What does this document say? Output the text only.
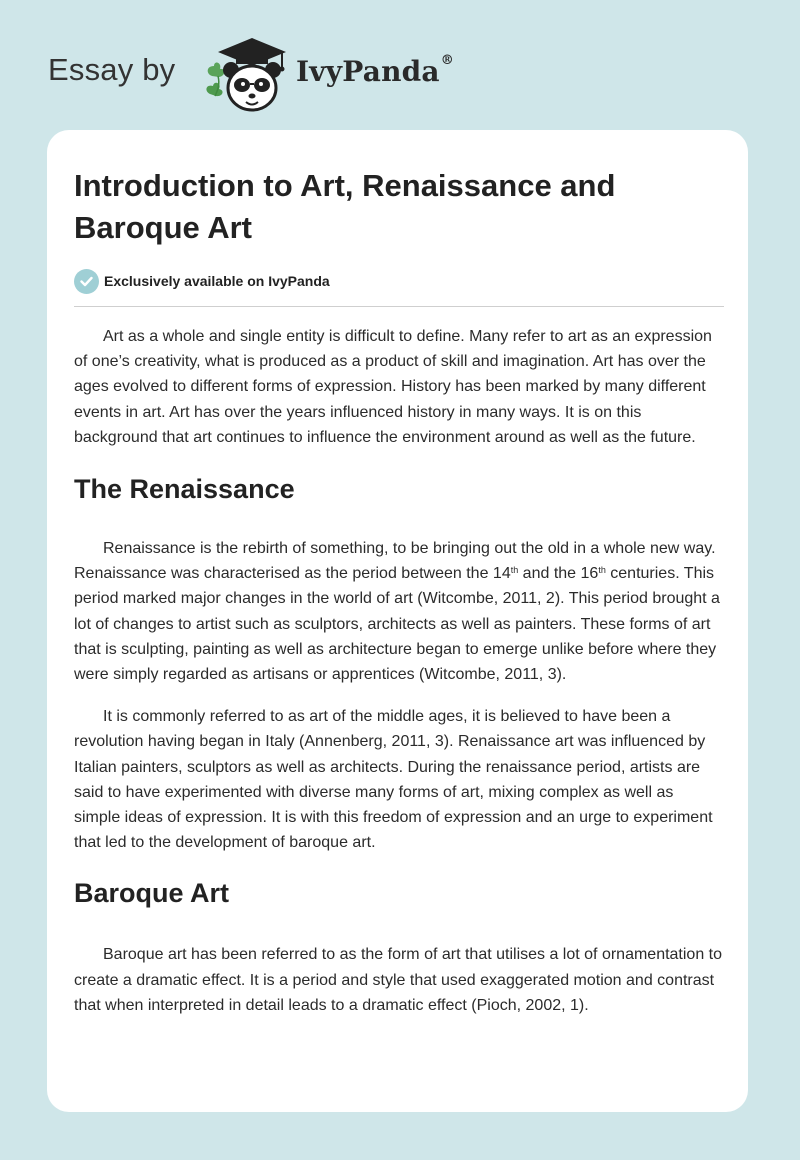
Essay by	IvyPanda®
Introduction to Art, Renaissance and Baroque Art
Exclusively available on IvyPanda

Art as a whole and single entity is difficult to define. Many refer to art as an expression of one’s creativity, what is produced as a product of skill and imagination. Art has over the ages evolved to different forms of expression. History has been marked by many different events in art. Art has over the years influenced history in many ways. It is on this background that art continues to influence the environment around as well as the future.

The Renaissance

Renaissance is the rebirth of something, to be bringing out the old in a whole new way. Renaissance was characterised as the period between the 14th and the 16th centuries. This period marked major changes in the world of art (Witcombe, 2011, 2). This period brought a lot of changes to artist such as sculptors, architects as well as painters. These forms of art that is sculpting, painting as well as architecture began to emerge unlike before where they were simply regarded as artisans or apprentices (Witcombe, 2011, 3).

It is commonly referred to as art of the middle ages, it is believed to have been a revolution having began in Italy (Annenberg, 2011, 3). Renaissance art was influenced by Italian painters, sculptors as well as architects. During the renaissance period, artists are said to have experimented with diverse many forms of art, mixing complex as well as simple ideas of expression. It is with this freedom of expression and an urge to experiment that led to the development of baroque art.

Baroque Art

Baroque art has been referred to as the form of art that utilises a lot of ornamentation to create a dramatic effect. It is a period and style that used exaggerated motion and contrast that when interpreted in detail leads to a dramatic effect (Pioch, 2002, 1).
